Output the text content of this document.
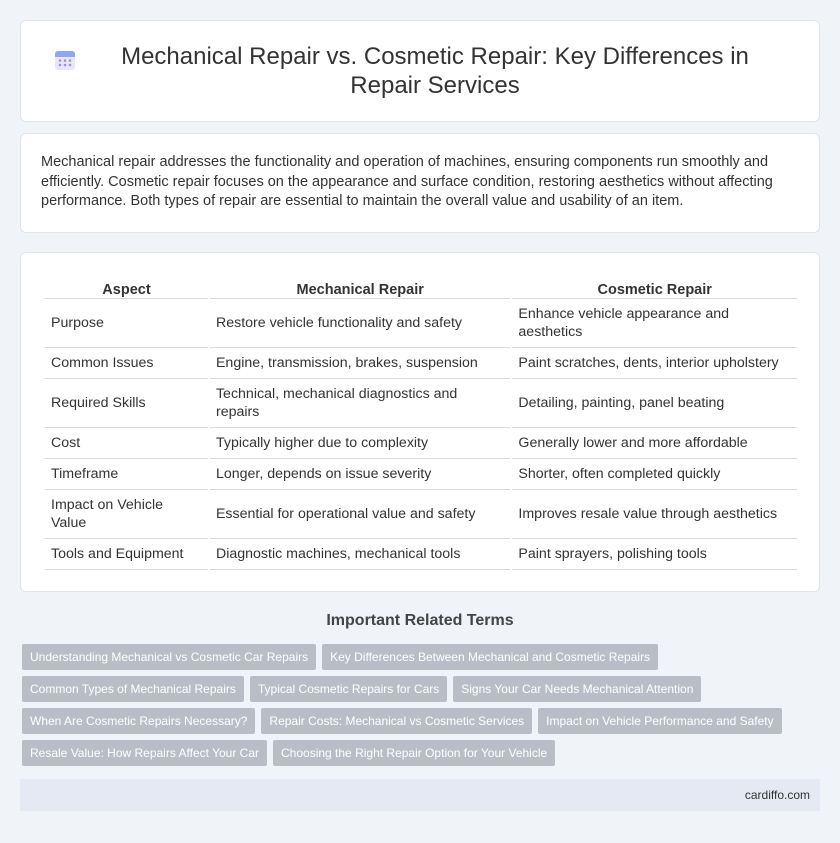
Mechanical Repair vs. Cosmetic Repair: Key Differences in Repair Services

Mechanical repair addresses the functionality and operation of machines, ensuring components run smoothly and efficiently. Cosmetic repair focuses on the appearance and surface condition, restoring aesthetics without affecting performance. Both types of repair are essential to maintain the overall value and usability of an item.

Aspect	Mechanical Repair	Cosmetic Repair
Purpose	Restore vehicle functionality and safety	Enhance vehicle appearance and aesthetics
Common Issues	Engine, transmission, brakes, suspension	Paint scratches, dents, interior upholstery
Required Skills	Technical, mechanical diagnostics and repairs	Detailing, painting, panel beating
Cost	Typically higher due to complexity	Generally lower and more affordable
Timeframe	Longer, depends on issue severity	Shorter, often completed quickly
Impact on Vehicle Value	Essential for operational value and safety	Improves resale value through aesthetics
Tools and Equipment	Diagnostic machines, mechanical tools	Paint sprayers, polishing tools
Important Related Terms
Understanding Mechanical vs Cosmetic Car Repairs	Key Differences Between Mechanical and Cosmetic Repairs
Common Types of Mechanical Repairs	Typical Cosmetic Repairs for Cars	Signs Your Car Needs Mechanical Attention
When Are Cosmetic Repairs Necessary?	Repair Costs: Mechanical vs Cosmetic Services	Impact on Vehicle Performance and Safety
Resale Value: How Repairs Affect Your Car	Choosing the Right Repair Option for Your Vehicle
cardiffo.com
